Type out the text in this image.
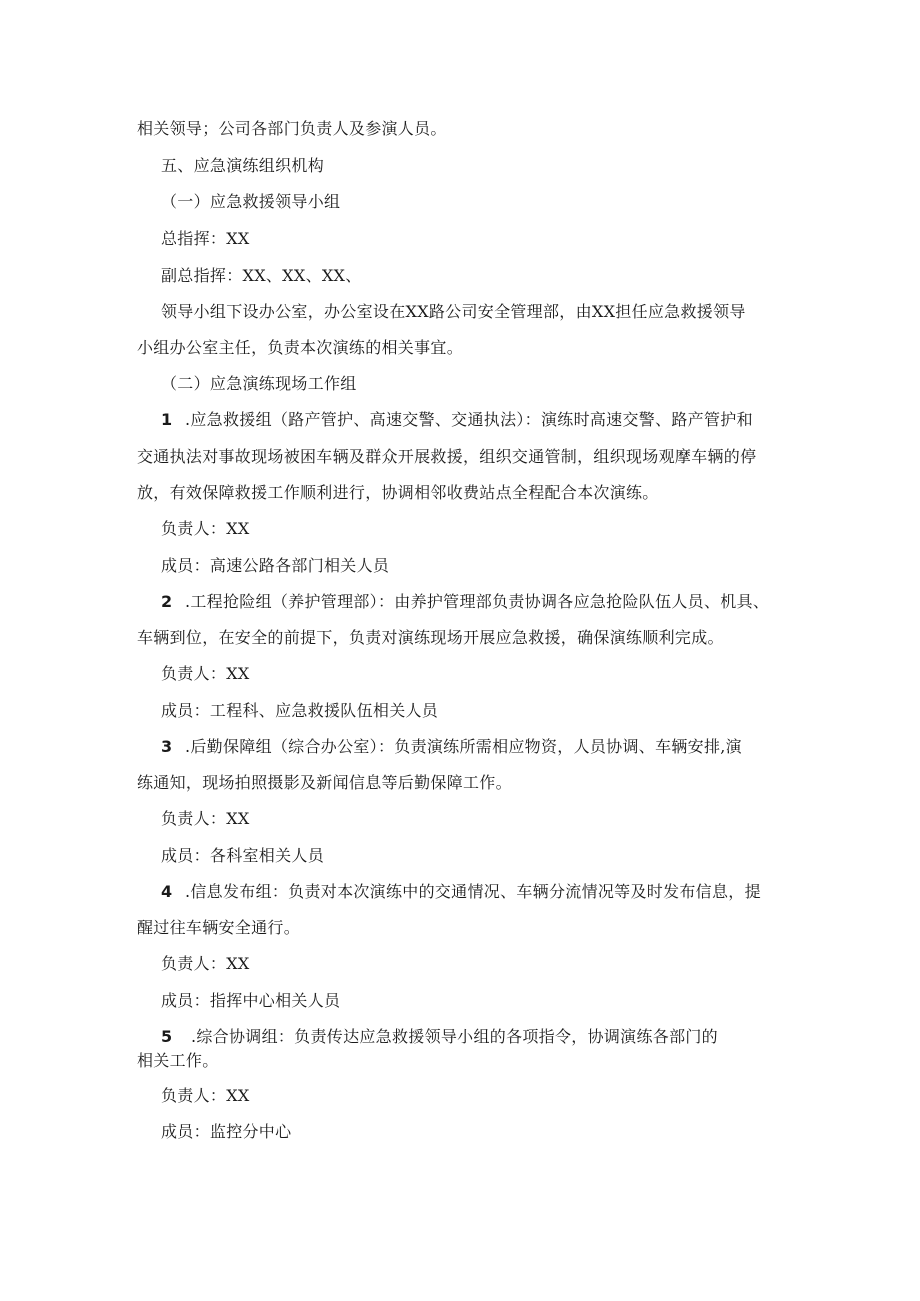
相关领导；公司各部门负责人及参演人员。
五、应急演练组织机构
（一）应急救援领导小组
总指挥：XX
副总指挥：XX、XX、XX、
领导小组下设办公室，办公室设在XX路公司安全管理部，由XX担任应急救援领导
小组办公室主任，负责本次演练的相关事宜。
（二）应急演练现场工作组
1 .应急救援组（路产管护、高速交警、交通执法）：演练时高速交警、路产管护和
交通执法对事故现场被困车辆及群众开展救援，组织交通管制，组织现场观摩车辆的停
放，有效保障救援工作顺利进行，协调相邻收费站点全程配合本次演练。
负责人：XX
成员：高速公路各部门相关人员
2 .工程抢险组（养护管理部）：由养护管理部负责协调各应急抢险队伍人员、机具、
车辆到位，在安全的前提下，负责对演练现场开展应急救援，确保演练顺利完成。
负责人：XX
成员：工程科、应急救援队伍相关人员
3 .后勤保障组（综合办公室）：负责演练所需相应物资，人员协调、车辆安排,演
练通知，现场拍照摄影及新闻信息等后勤保障工作。
负责人：XX
成员：各科室相关人员
4 .信息发布组：负责对本次演练中的交通情况、车辆分流情况等及时发布信息，提
醒过往车辆安全通行。
负责人：XX
成员：指挥中心相关人员
5 .综合协调组：负责传达应急救援领导小组的各项指令，协调演练各部门的
相关工作。
负责人：XX
成员：监控分中心
